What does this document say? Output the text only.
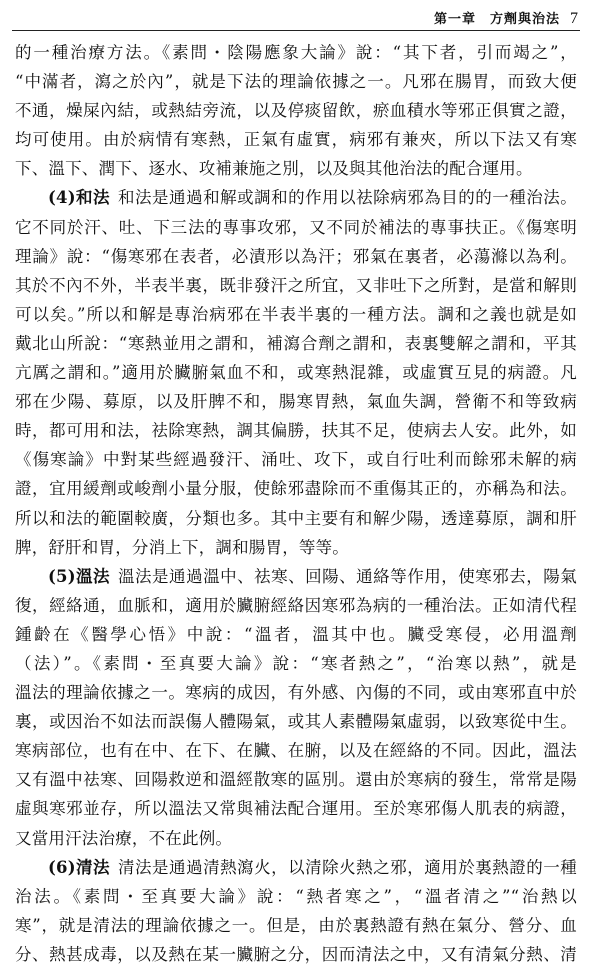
第一章　方劑與治法 7
的一種治療方法。《素問・陰陽應象大論》說：“其下者，引而竭之”，
“中滿者，瀉之於內”，就是下法的理論依據之一。凡邪在腸胃，而致大便
不通，燥屎內結，或熱結旁流，以及停痰留飲，瘀血積水等邪正俱實之證，
均可使用。由於病情有寒熱，正氣有虛實，病邪有兼夾，所以下法又有寒
下、溫下、潤下、逐水、攻補兼施之別，以及與其他治法的配合運用。
(4)和法 和法是通過和解或調和的作用以祛除病邪為目的的一種治法。
它不同於汗、吐、下三法的專事攻邪，又不同於補法的專事扶正。《傷寒明
理論》說：“傷寒邪在表者，必漬形以為汗；邪氣在裏者，必蕩滌以為利。
其於不內不外，半表半裏，既非發汗之所宜，又非吐下之所對，是當和解則
可以矣。”所以和解是專治病邪在半表半裏的一種方法。調和之義也就是如
戴北山所說：“寒熱並用之謂和，補瀉合劑之謂和，表裏雙解之謂和，平其
亢厲之謂和。”適用於臟腑氣血不和，或寒熱混雜，或虛實互見的病證。凡
邪在少陽、募原，以及肝脾不和，腸寒胃熱，氣血失調，營衛不和等致病
時，都可用和法，祛除寒熱，調其偏勝，扶其不足，使病去人安。此外，如
《傷寒論》中對某些經過發汗、涌吐、攻下，或自行吐利而餘邪未解的病
證，宜用緩劑或峻劑小量分服，使餘邪盡除而不重傷其正的，亦稱為和法。
所以和法的範圍較廣，分類也多。其中主要有和解少陽，透達募原，調和肝
脾，舒肝和胃，分消上下，調和腸胃，等等。
(5)溫法 溫法是通過溫中、祛寒、回陽、通絡等作用，使寒邪去，陽氣
復，經絡通，血脈和，適用於臟腑經絡因寒邪為病的一種治法。正如清代程
鍾齡在《醫學心悟》中說：“溫者，溫其中也。臟受寒侵，必用溫劑
（法）”。《素問・至真要大論》說：“寒者熱之”，“治寒以熱”，就是
溫法的理論依據之一。寒病的成因，有外感、內傷的不同，或由寒邪直中於
裏，或因治不如法而誤傷人體陽氣，或其人素體陽氣虛弱，以致寒從中生。
寒病部位，也有在中、在下、在臟、在腑，以及在經絡的不同。因此，溫法
又有溫中祛寒、回陽救逆和溫經散寒的區別。還由於寒病的發生，常常是陽
虛與寒邪並存，所以溫法又常與補法配合運用。至於寒邪傷人肌表的病證，
又當用汗法治療，不在此例。
(6)清法 清法是通過清熱瀉火，以清除火熱之邪，適用於裏熱證的一種
治法。《素問・至真要大論》說：“熱者寒之”，“溫者清之”“治熱以
寒”，就是清法的理論依據之一。但是，由於裏熱證有熱在氣分、營分、血
分、熱甚成毒，以及熱在某一臟腑之分，因而清法之中，又有清氣分熱、清
